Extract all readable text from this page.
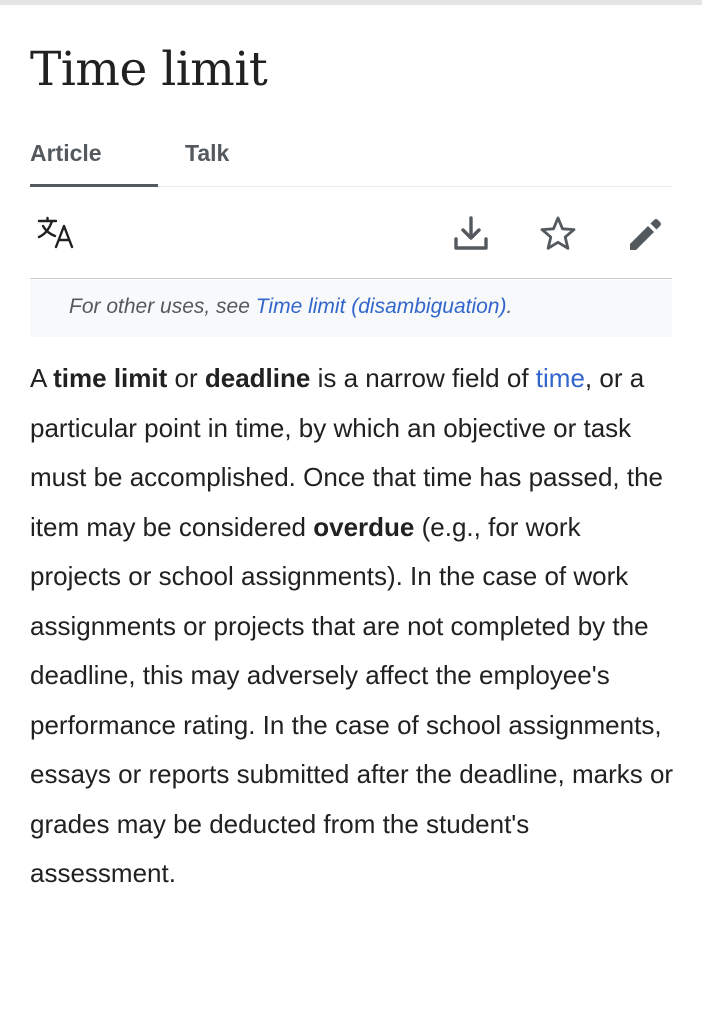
Time limit
Article	Talk
For other uses, see Time limit (disambiguation).

A time limit or deadline is a narrow field of time, or a particular point in time, by which an objective or task must be accomplished. Once that time has passed, the item may be considered overdue (e.g., for work projects or school assignments). In the case of work assignments or projects that are not completed by the deadline, this may adversely affect the employee's performance rating. In the case of school assignments, essays or reports submitted after the deadline, marks or grades may be deducted from the student's assessment.
